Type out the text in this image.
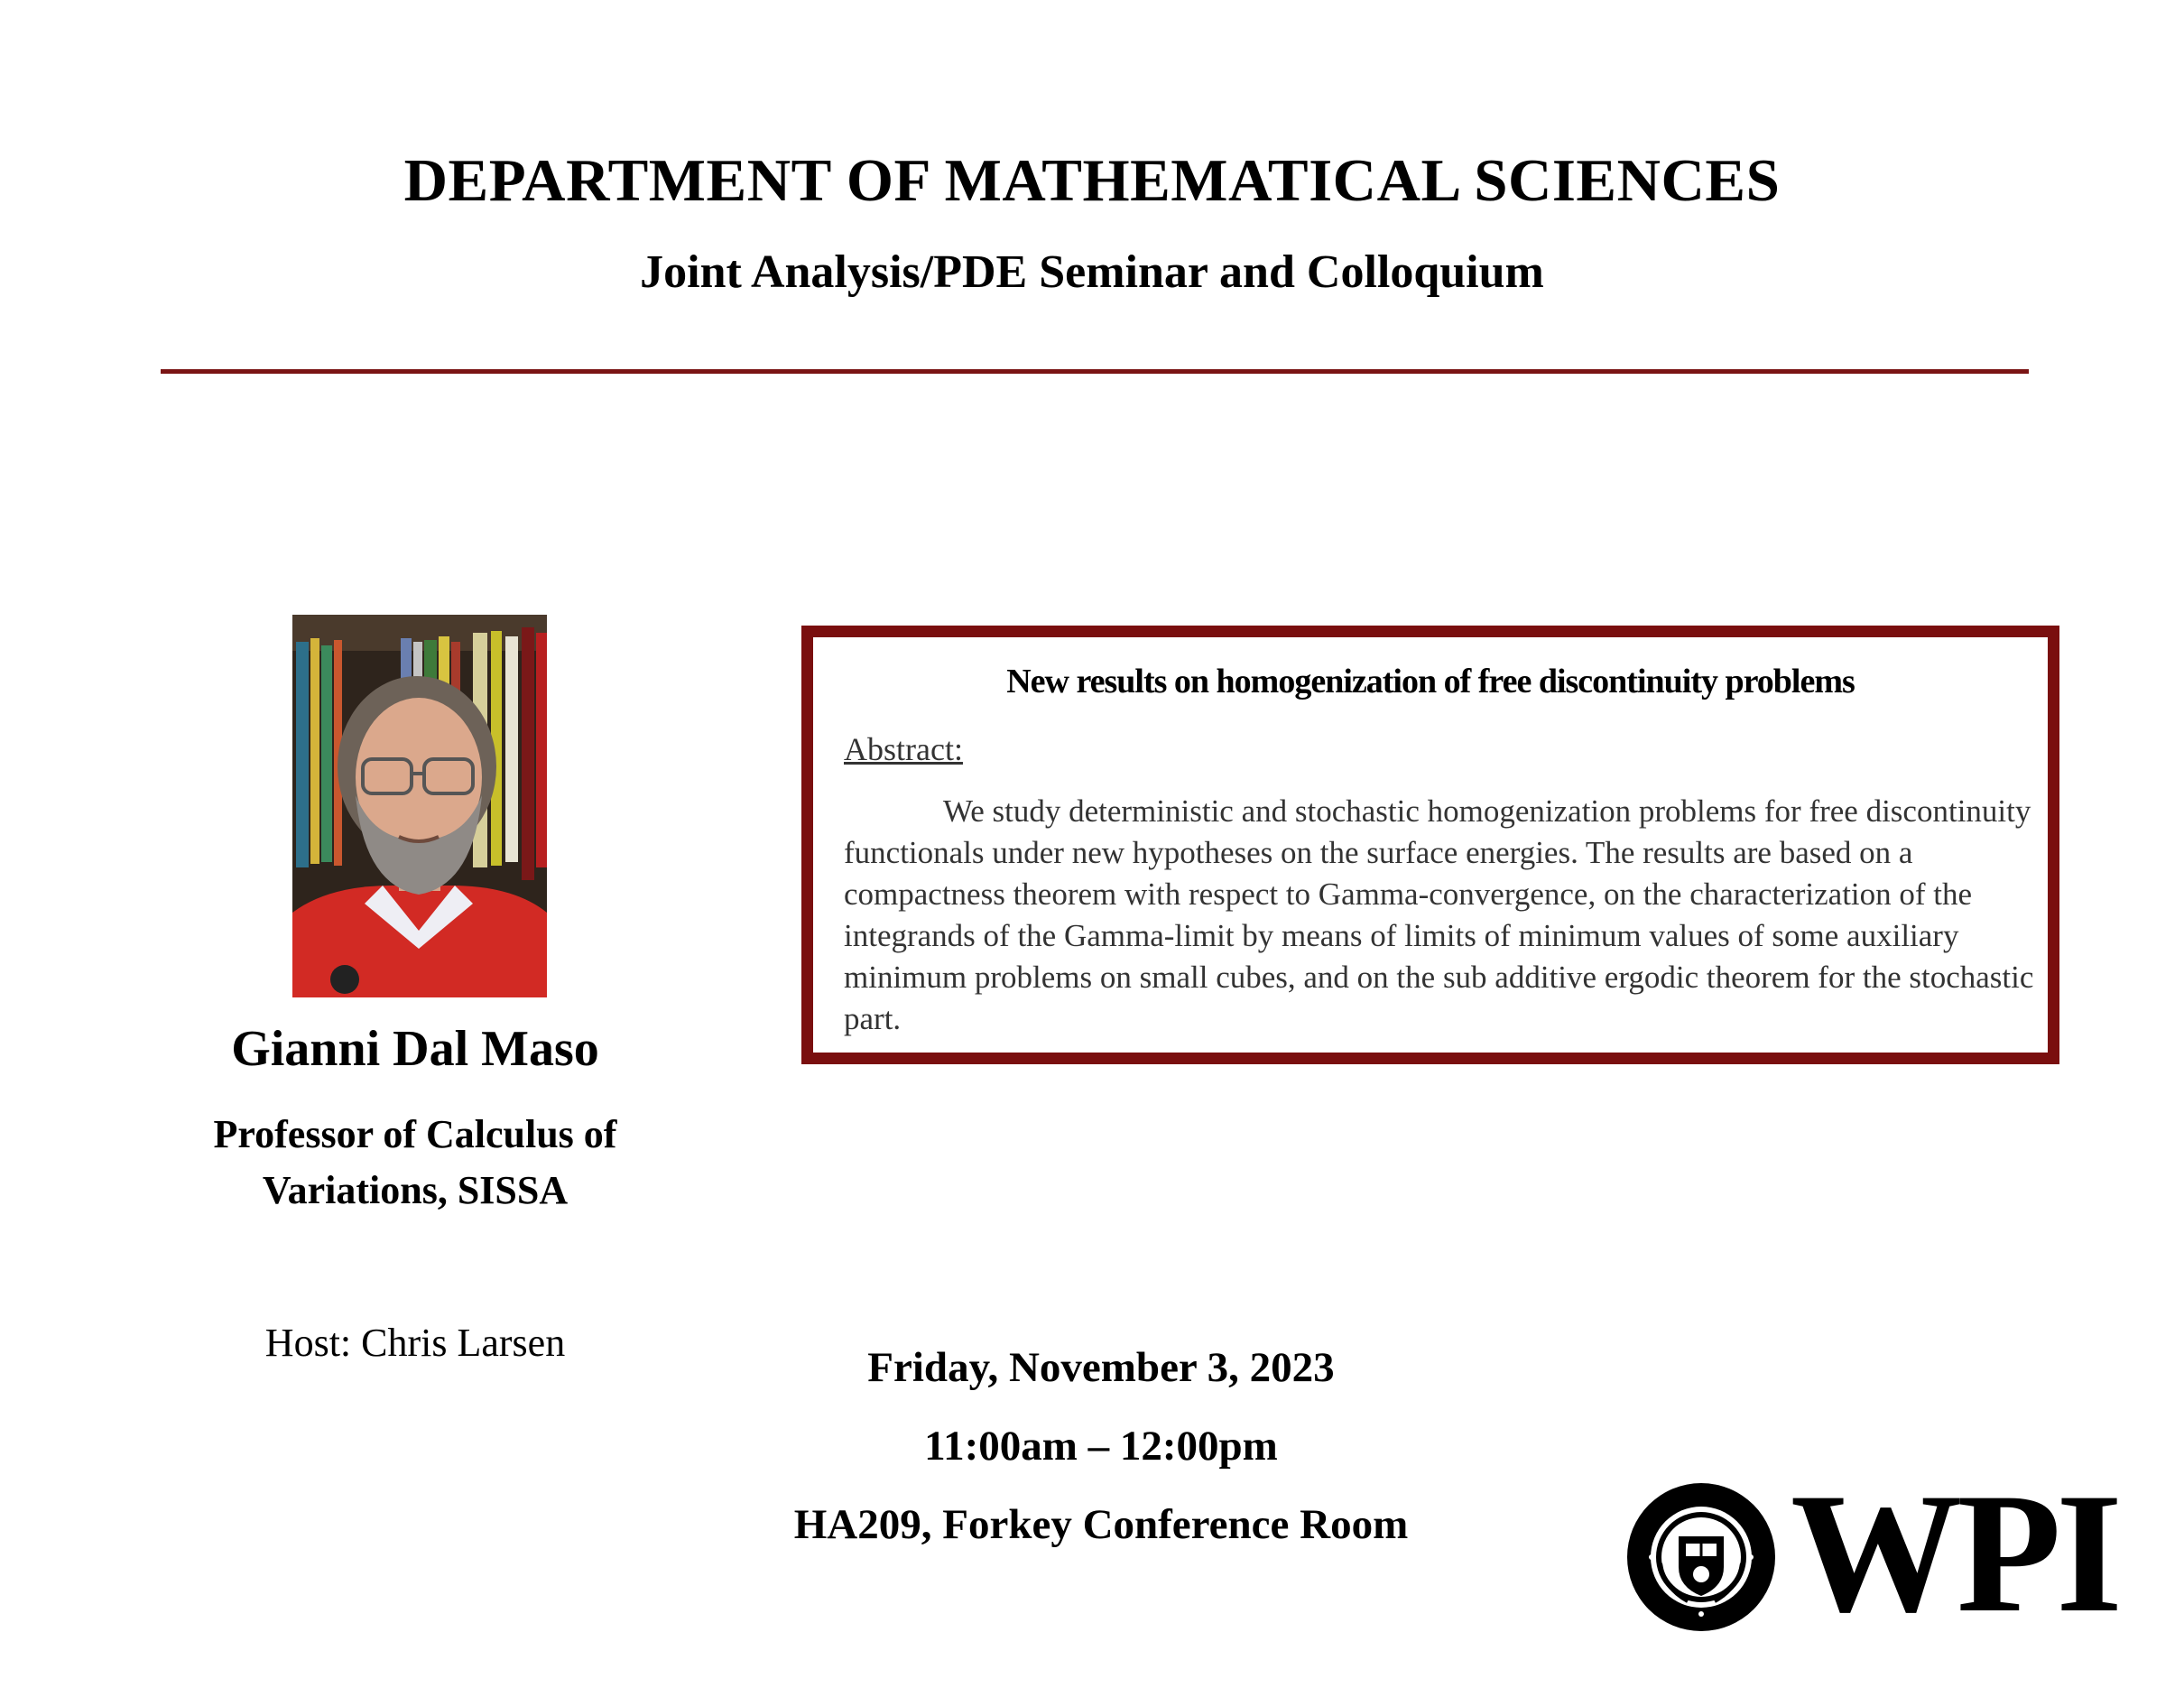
DEPARTMENT OF MATHEMATICAL SCIENCES
Joint Analysis/PDE Seminar and Colloquium
Gianni Dal Maso
Professor of Calculus of
Variations, SISSA
Host: Chris Larsen
New results on homogenization of free discontinuity problems
Abstract:

We study deterministic and stochastic homogenization problems for free discontinuity functionals under new hypotheses on the surface energies. The results are based on a compactness theorem with respect to Gamma-convergence, on the characterization of the integrands of the Gamma-limit by means of limits of minimum values of some auxiliary minimum problems on small cubes, and on the sub additive ergodic theorem for the stochastic part.

Friday, November 3, 2023
11:00am – 12:00pm
HA209, Forkey Conference Room	WPI
